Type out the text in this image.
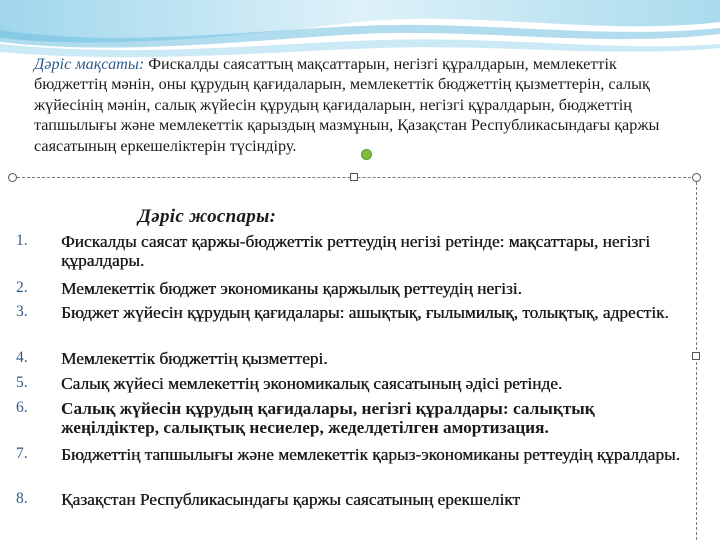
Дәріс мақсаты: Фискалды саясаттың мақсаттарын, негізгі құралдарын, мемлекеттік бюджеттің мәнін, оны құрудың қағидаларын, мемлекеттік бюджеттің қызметтерін, салық жүйесінің мәнін, салық жүйесін құрудың қағидаларын, негізгі құралдарын, бюджеттің тапшылығы және мемлекеттік қарыздың мазмұнын, Қазақстан Республикасындағы қаржы саясатының еркешеліктерін түсіндіру.
Дәріс жоспары:
1.	Фискалды саясат қаржы-бюджеттік реттеудің негізі ретінде: мақсаттары, негізгі құралдары.
2.	Мемлекеттік бюджет экономиканы қаржылық реттеудің негізі.
3.	Бюджет жүйесін құрудың қағидалары: ашықтық, ғылымилық, толықтық, адрестік.
4.	Мемлекеттік бюджеттің қызметтері.
5.	Салық жүйесі мемлекеттің экономикалық саясатының әдісі ретінде.
6.	Салық жүйесін құрудың қағидалары, негізгі құралдары: салықтық жеңілдіктер, салықтық несиелер, жеделдетілген амортизация.
7.	Бюджеттің тапшылығы және мемлекеттік қарыз-экономиканы реттеудің құралдары.
8.	Қазақстан Республикасындағы қаржы саясатының ерекшелікт
